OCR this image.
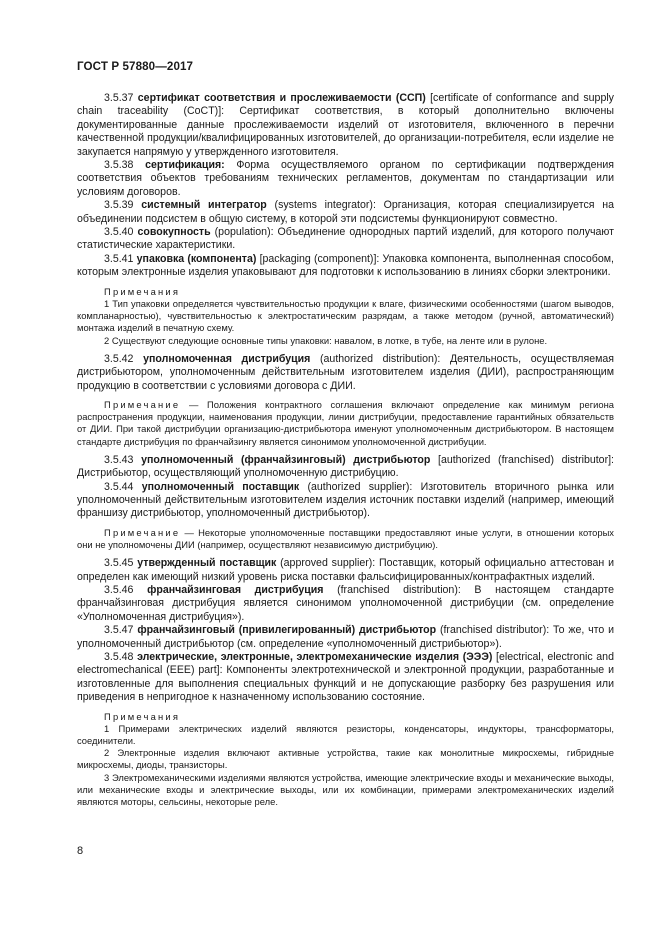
ГОСТ Р 57880—2017

3.5.37 сертификат соответствия и прослеживаемости (ССП) [certificate of conformance and supply chain traceability (CoCT)]: Сертификат соответствия, в который дополнительно включены документированные данные прослеживаемости изделий от изготовителя, включенного в перечни качественной продукции/квалифицированных изготовителей, до организации-потребителя, если изделие не закупается напрямую у утвержденного изготовителя.

3.5.38 сертификация: Форма осуществляемого органом по сертификации подтверждения соответствия объектов требованиям технических регламентов, документам по стандартизации или условиям договоров.

3.5.39 системный интегратор (systems integrator): Организация, которая специализируется на объединении подсистем в общую систему, в которой эти подсистемы функционируют совместно.

3.5.40 совокупность (population): Объединение однородных партий изделий, для которого получают статистические характеристики.

3.5.41 упаковка (компонента) [packaging (component)]: Упаковка компонента, выполненная способом, которым электронные изделия упаковывают для подготовки к использованию в линиях сборки электроники.

Примечания

1 Тип упаковки определяется чувствительностью продукции к влаге, физическими особенностями (шагом выводов, компланарностью), чувствительностью к электростатическим разрядам, а также методом (ручной, автоматический) монтажа изделий в печатную схему.

2 Существуют следующие основные типы упаковки: навалом, в лотке, в тубе, на ленте или в рулоне.

3.5.42 уполномоченная дистрибуция (authorized distribution): Деятельность, осуществляемая дистрибьютором, уполномоченным действительным изготовителем изделия (ДИИ), распространяющим продукцию в соответствии с условиями договора с ДИИ.

Примечание — Положения контрактного соглашения включают определение как минимум региона распространения продукции, наименования продукции, линии дистрибуции, предоставление гарантийных обязательств от ДИИ. При такой дистрибуции организацию-дистрибьютора именуют уполномоченным дистрибьютором. В настоящем стандарте дистрибуция по франчайзингу является синонимом уполномоченной дистрибуции.

3.5.43 уполномоченный (франчайзинговый) дистрибьютор [authorized (franchised) distributor]: Дистрибьютор, осуществляющий уполномоченную дистрибуцию.

3.5.44 уполномоченный поставщик (authorized supplier): Изготовитель вторичного рынка или уполномоченный действительным изготовителем изделия источник поставки изделий (например, имеющий франшизу дистрибьютор, уполномоченный дистрибьютор).

Примечание — Некоторые уполномоченные поставщики предоставляют иные услуги, в отношении которых они не уполномочены ДИИ (например, осуществляют независимую дистрибуцию).

3.5.45 утвержденный поставщик (approved supplier): Поставщик, который официально аттестован и определен как имеющий низкий уровень риска поставки фальсифицированных/контрафактных изделий.

3.5.46 франчайзинговая дистрибуция (franchised distribution): В настоящем стандарте франчайзинговая дистрибуция является синонимом уполномоченной дистрибуции (см. определение «Уполномоченная дистрибуция»).

3.5.47 франчайзинговый (привилегированный) дистрибьютор (franchised distributor): То же, что и уполномоченный дистрибьютор (см. определение «уполномоченный дистрибьютор»).

3.5.48 электрические, электронные, электромеханические изделия (ЭЭЭ) [electrical, electronic and electromechanical (EEE) part]: Компоненты электротехнической и электронной продукции, разработанные и изготовленные для выполнения специальных функций и не допускающие разборку без разрушения или приведения в непригодное к назначенному использованию состояние.

Примечания

1 Примерами электрических изделий являются резисторы, конденсаторы, индукторы, трансформаторы, соединители.

2 Электронные изделия включают активные устройства, такие как монолитные микросхемы, гибридные микросхемы, диоды, транзисторы.

3 Электромеханическими изделиями являются устройства, имеющие электрические входы и механические выходы, или механические входы и электрические выходы, или их комбинации, примерами электромеханических изделий являются моторы, сельсины, некоторые реле.

8
